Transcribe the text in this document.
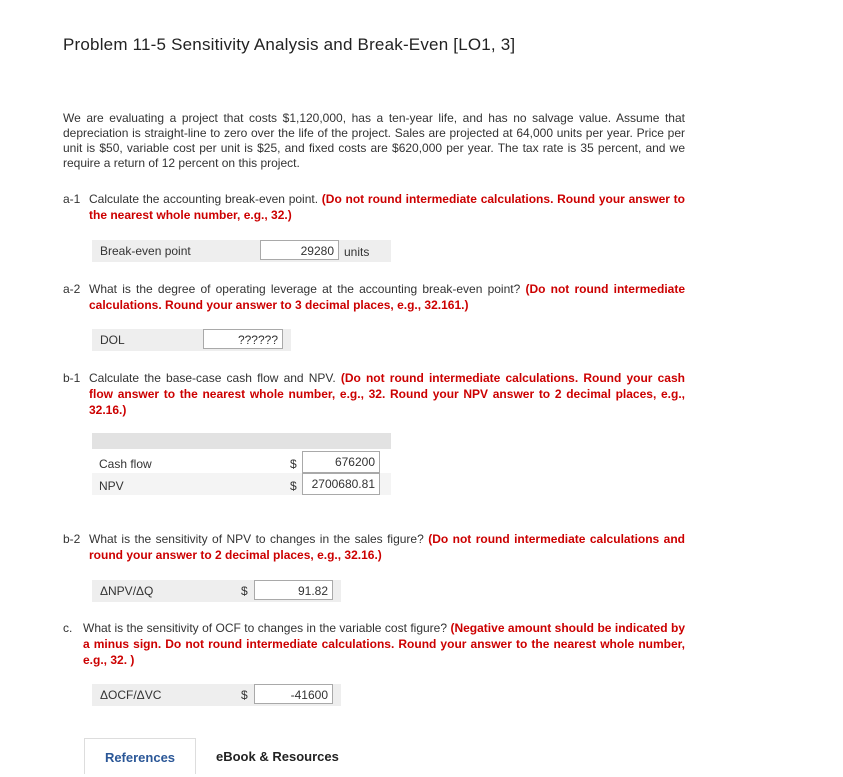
Problem 11-5 Sensitivity Analysis and Break-Even [LO1, 3]
We are evaluating a project that costs $1,120,000, has a ten-year life, and has no salvage value. Assume that depreciation is straight-line to zero over the life of the project. Sales are projected at 64,000 units per year. Price per unit is $50, variable cost per unit is $25, and fixed costs are $620,000 per year. The tax rate is 35 percent, and we require a return of 12 percent on this project.
a-1 Calculate the accounting break-even point. (Do not round intermediate calculations. Round your answer to the nearest whole number, e.g., 32.)
Break-even point	29280 units
a-2 What is the degree of operating leverage at the accounting break-even point? (Do not round intermediate calculations. Round your answer to 3 decimal places, e.g., 32.161.)
DOL	??????
b-1 Calculate the base-case cash flow and NPV. (Do not round intermediate calculations. Round your cash flow answer to the nearest whole number, e.g., 32. Round your NPV answer to 2 decimal places, e.g., 32.16.)
Cash flow	$	676200
NPV	$	2700680.81
b-2 What is the sensitivity of NPV to changes in the sales figure? (Do not round intermediate calculations and round your answer to 2 decimal places, e.g., 32.16.)
ΔNPV/ΔQ	$	91.82
c. What is the sensitivity of OCF to changes in the variable cost figure? (Negative amount should be indicated by a minus sign. Do not round intermediate calculations. Round your answer to the nearest whole number, e.g., 32. )
ΔOCF/ΔVC	$	-41600
References	eBook & Resources
